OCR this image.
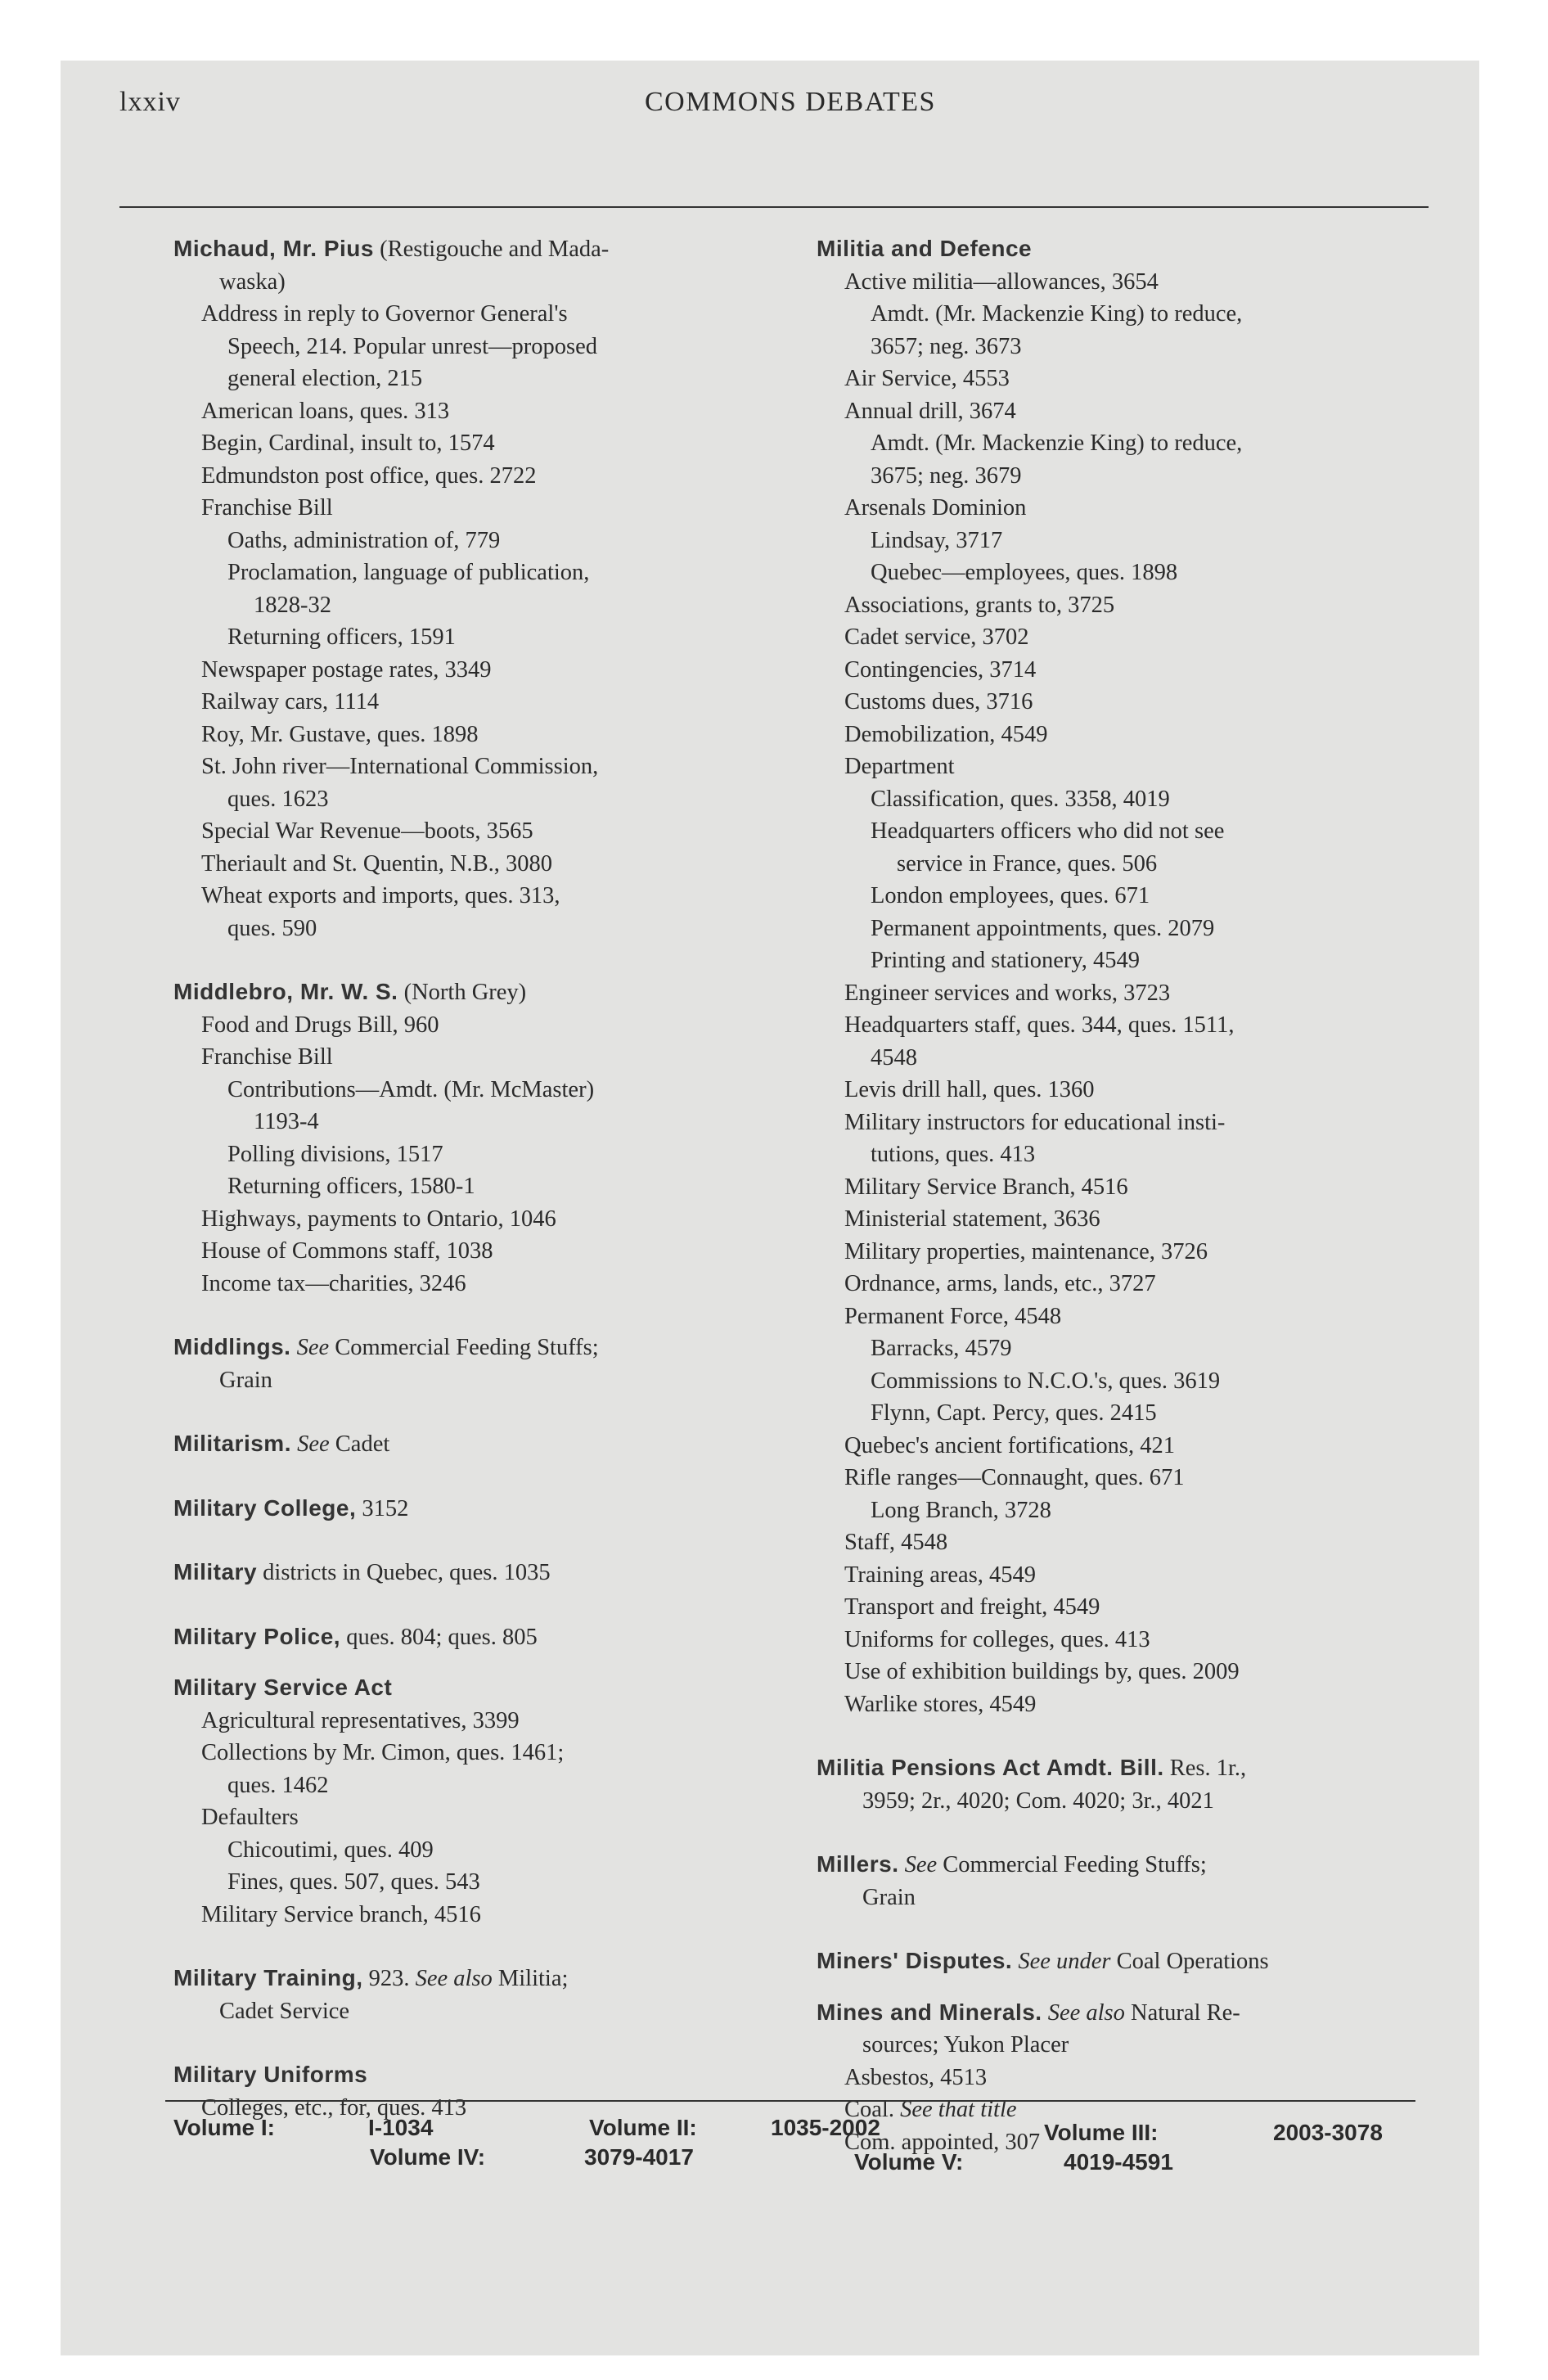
lxxiv	COMMONS DEBATES
Michaud, Mr. Pius (Restigouche and Mada-
waska)
Address in reply to Governor General's
Speech, 214. Popular unrest—proposed
general election, 215
American loans, ques. 313
Begin, Cardinal, insult to, 1574
Edmundston post office, ques. 2722
Franchise Bill
Oaths, administration of, 779
Proclamation, language of publication,
1828-32
Returning officers, 1591
Newspaper postage rates, 3349
Railway cars, 1114
Roy, Mr. Gustave, ques. 1898
St. John river—International Commission,
ques. 1623
Special War Revenue—boots, 3565
Theriault and St. Quentin, N.B., 3080
Wheat exports and imports, ques. 313,
ques. 590
Middlebro, Mr. W. S. (North Grey)
Food and Drugs Bill, 960
Franchise Bill
Contributions—Amdt. (Mr. McMaster)
1193-4
Polling divisions, 1517
Returning officers, 1580-1
Highways, payments to Ontario, 1046
House of Commons staff, 1038
Income tax—charities, 3246
Middlings. See Commercial Feeding Stuffs;
Grain
Militarism. See Cadet
Military College, 3152
Military districts in Quebec, ques. 1035
Military Police, ques. 804; ques. 805
Military Service Act
Agricultural representatives, 3399
Collections by Mr. Cimon, ques. 1461;
ques. 1462
Defaulters
Chicoutimi, ques. 409
Fines, ques. 507, ques. 543
Military Service branch, 4516
Military Training, 923. See also Militia;
Cadet Service
Military Uniforms
Colleges, etc., for, ques. 413
Militia and Defence
Active militia—allowances, 3654
Amdt. (Mr. Mackenzie King) to reduce,
3657; neg. 3673
Air Service, 4553
Annual drill, 3674
Amdt. (Mr. Mackenzie King) to reduce,
3675; neg. 3679
Arsenals Dominion
Lindsay, 3717
Quebec—employees, ques. 1898
Associations, grants to, 3725
Cadet service, 3702
Contingencies, 3714
Customs dues, 3716
Demobilization, 4549
Department
Classification, ques. 3358, 4019
Headquarters officers who did not see
service in France, ques. 506
London employees, ques. 671
Permanent appointments, ques. 2079
Printing and stationery, 4549
Engineer services and works, 3723
Headquarters staff, ques. 344, ques. 1511,
4548
Levis drill hall, ques. 1360
Military instructors for educational insti-
tutions, ques. 413
Military Service Branch, 4516
Ministerial statement, 3636
Military properties, maintenance, 3726
Ordnance, arms, lands, etc., 3727
Permanent Force, 4548
Barracks, 4579
Commissions to N.C.O.'s, ques. 3619
Flynn, Capt. Percy, ques. 2415
Quebec's ancient fortifications, 421
Rifle ranges—Connaught, ques. 671
Long Branch, 3728
Staff, 4548
Training areas, 4549
Transport and freight, 4549
Uniforms for colleges, ques. 413
Use of exhibition buildings by, ques. 2009
Warlike stores, 4549
Militia Pensions Act Amdt. Bill. Res. 1r.,
3959; 2r., 4020; Com. 4020; 3r., 4021
Millers. See Commercial Feeding Stuffs;
Grain
Miners' Disputes. See under Coal Operations
Mines and Minerals. See also Natural Re-
sources; Yukon Placer
Asbestos, 4513
Coal. See that title
Com. appointed, 307
Volume I:	I-1034	Volume II:	1035-2002	Volume III:	2003-3078
Volume IV:	3079-4017	Volume V:	4019-4591
